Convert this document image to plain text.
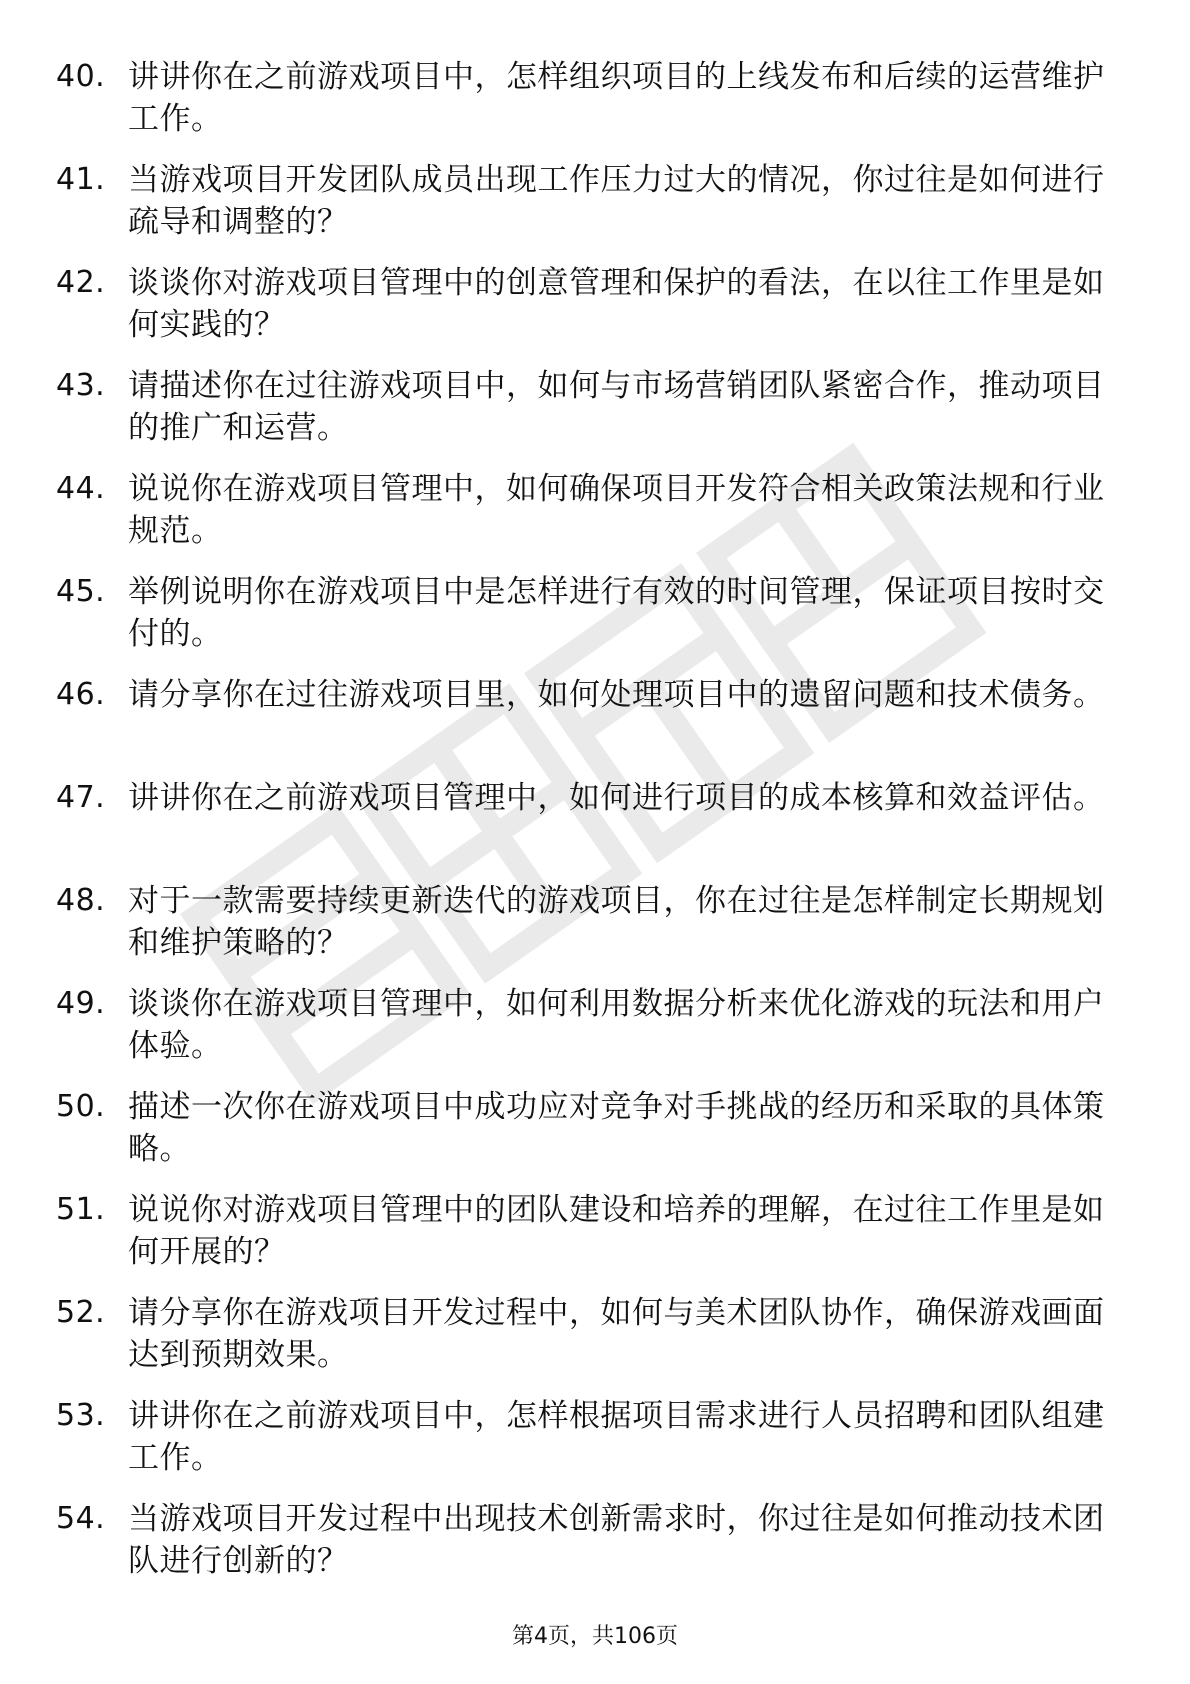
40. 讲讲你在之前游戏项目中，怎样组织项目的上线发布和后续的运营维护工作。
41. 当游戏项目开发团队成员出现工作压力过大的情况，你过往是如何进行疏导和调整的？
42. 谈谈你对游戏项目管理中的创意管理和保护的看法，在以往工作里是如何实践的？
43. 请描述你在过往游戏项目中，如何与市场营销团队紧密合作，推动项目的推广和运营。
44. 说说你在游戏项目管理中，如何确保项目开发符合相关政策法规和行业规范。
45. 举例说明你在游戏项目中是怎样进行有效的时间管理，保证项目按时交付的。
46. 请分享你在过往游戏项目里，如何处理项目中的遗留问题和技术债务。
47. 讲讲你在之前游戏项目管理中，如何进行项目的成本核算和效益评估。
48. 对于一款需要持续更新迭代的游戏项目，你在过往是怎样制定长期规划和维护策略的？
49. 谈谈你在游戏项目管理中，如何利用数据分析来优化游戏的玩法和用户体验。
50. 描述一次你在游戏项目中成功应对竞争对手挑战的经历和采取的具体策略。
51. 说说你对游戏项目管理中的团队建设和培养的理解，在过往工作里是如何开展的？
52. 请分享你在游戏项目开发过程中，如何与美术团队协作，确保游戏画面达到预期效果。
53. 讲讲你在之前游戏项目中，怎样根据项目需求进行人员招聘和团队组建工作。
54. 当游戏项目开发过程中出现技术创新需求时，你过往是如何推动技术团队进行创新的？
第4页，共106页
